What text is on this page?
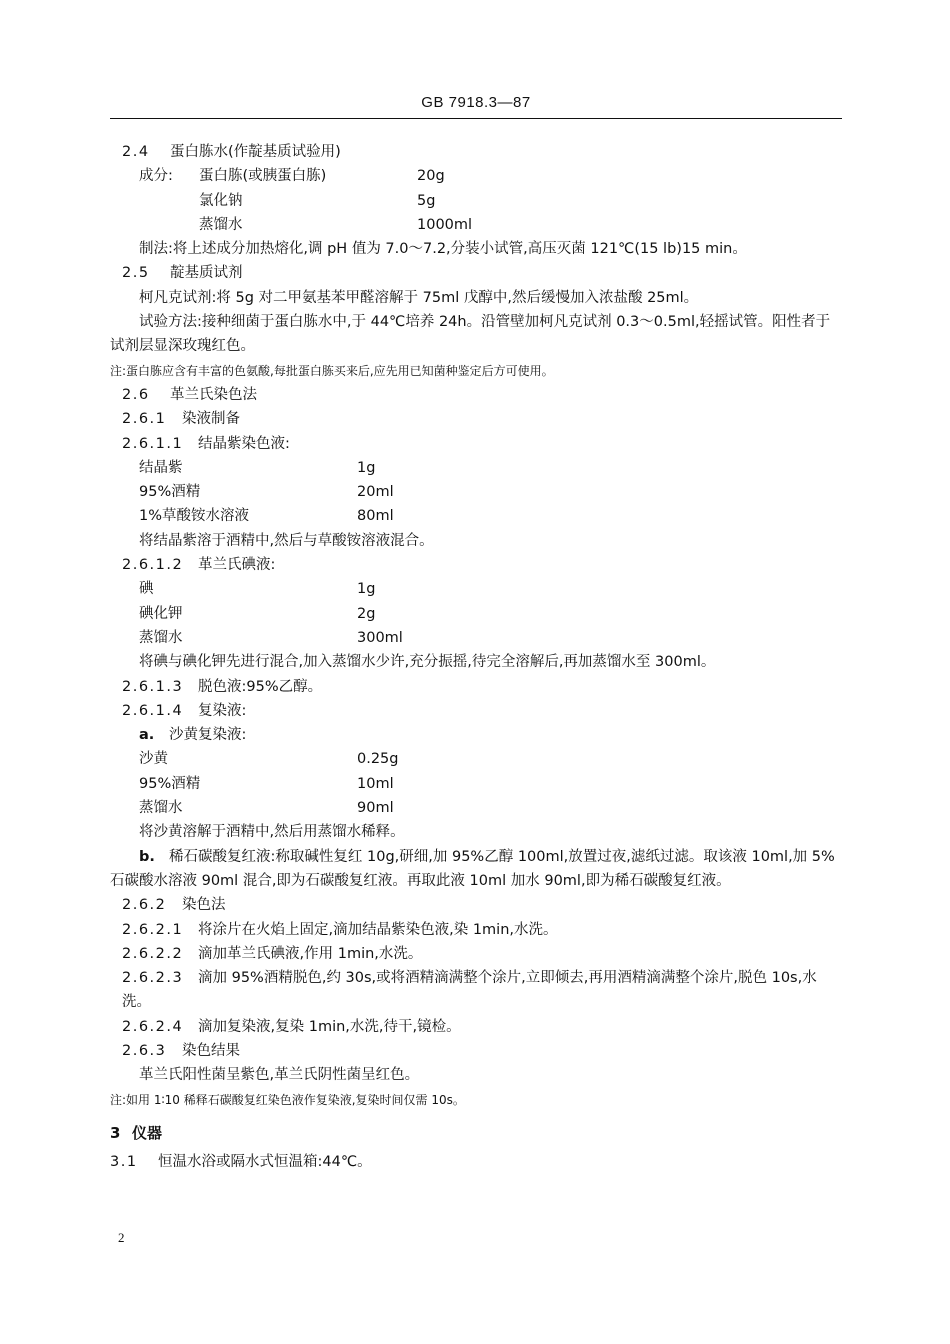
GB 7918.3—87
2.4 蛋白胨水(作靛基质试验用)
成分: 蛋白胨(或胰蛋白胨)	20g
氯化钠	5g
蒸馏水	1000ml
制法:将上述成分加热熔化,调 pH 值为 7.0～7.2,分装小试管,高压灭菌 121℃(15 lb)15 min。
2.5 靛基质试剂
柯凡克试剂:将 5g 对二甲氨基苯甲醛溶解于 75ml 戊醇中,然后缓慢加入浓盐酸 25ml。
试验方法:接种细菌于蛋白胨水中,于 44℃培养 24h。沿管壁加柯凡克试剂 0.3～0.5ml,轻摇试管。阳性者于试剂层显深玫瑰红色。
注:蛋白胨应含有丰富的色氨酸,每批蛋白胨买来后,应先用已知菌种鉴定后方可使用。
2.6 革兰氏染色法
2.6.1 染液制备
2.6.1.1 结晶紫染色液:
结晶紫	1g
95%酒精	20ml
1%草酸铵水溶液	80ml
将结晶紫溶于酒精中,然后与草酸铵溶液混合。
2.6.1.2 革兰氏碘液:
碘	1g
碘化钾	2g
蒸馏水	300ml
将碘与碘化钾先进行混合,加入蒸馏水少许,充分振摇,待完全溶解后,再加蒸馏水至 300ml。
2.6.1.3 脱色液:95%乙醇。
2.6.1.4 复染液:
a. 沙黄复染液:
沙黄	0.25g
95%酒精	10ml
蒸馏水	90ml
将沙黄溶解于酒精中,然后用蒸馏水稀释。
b. 稀石碳酸复红液:称取碱性复红 10g,研细,加 95%乙醇 100ml,放置过夜,滤纸过滤。取该液 10ml,加 5%石碳酸水溶液 90ml 混合,即为石碳酸复红液。再取此液 10ml 加水 90ml,即为稀石碳酸复红液。
2.6.2 染色法
2.6.2.1 将涂片在火焰上固定,滴加结晶紫染色液,染 1min,水洗。
2.6.2.2 滴加革兰氏碘液,作用 1min,水洗。
2.6.2.3 滴加 95%酒精脱色,约 30s,或将酒精滴满整个涂片,立即倾去,再用酒精滴满整个涂片,脱色 10s,水洗。
2.6.2.4 滴加复染液,复染 1min,水洗,待干,镜检。
2.6.3 染色结果
革兰氏阳性菌呈紫色,革兰氏阴性菌呈红色。
注:如用 1∶10 稀释石碳酸复红染色液作复染液,复染时间仅需 10s。
3 仪器
3.1 恒温水浴或隔水式恒温箱:44℃。
2
